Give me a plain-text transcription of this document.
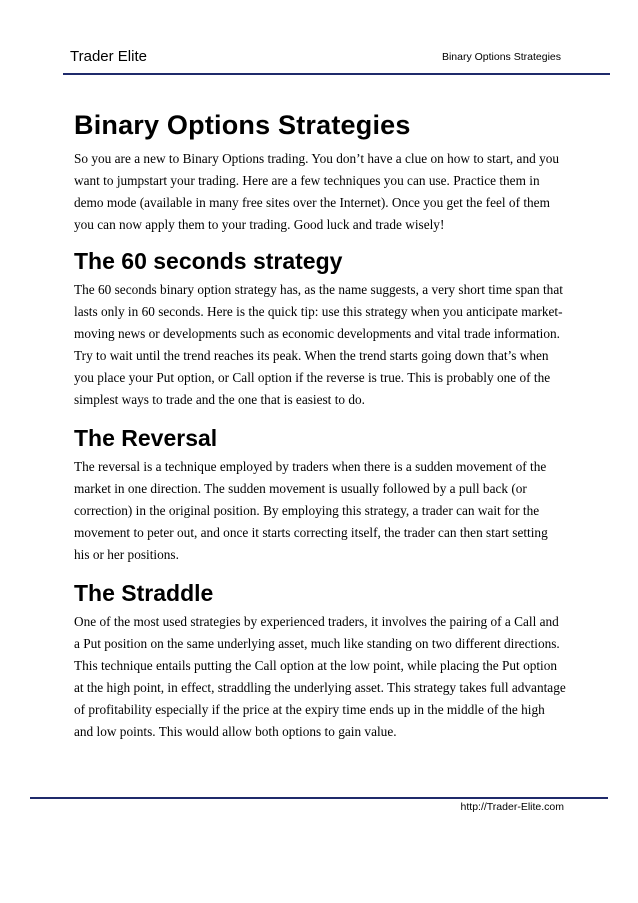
Trader Elite	Binary Options Strategies
Binary Options Strategies

So you are a new to Binary Options trading. You don’t have a clue on how to start, and you want to jumpstart your trading. Here are a few techniques you can use. Practice them in demo mode (available in many free sites over the Internet). Once you get the feel of them you can now apply them to your trading. Good luck and trade wisely!

The 60 seconds strategy

The 60 seconds binary option strategy has, as the name suggests, a very short time span that lasts only in 60 seconds. Here is the quick tip: use this strategy when you anticipate market-moving news or developments such as economic developments and vital trade information. Try to wait until the trend reaches its peak. When the trend starts going down that’s when you place your Put option, or Call option if the reverse is true. This is probably one of the simplest ways to trade and the one that is easiest to do.

The Reversal

The reversal is a technique employed by traders when there is a sudden movement of the market in one direction. The sudden movement is usually followed by a pull back (or correction) in the original position. By employing this strategy, a trader can wait for the movement to peter out, and once it starts correcting itself, the trader can then start setting his or her positions.

The Straddle

One of the most used strategies by experienced traders, it involves the pairing of a Call and a Put position on the same underlying asset, much like standing on two different directions. This technique entails putting the Call option at the low point, while placing the Put option at the high point, in effect, straddling the underlying asset. This strategy takes full advantage of profitability especially if the price at the expiry time ends up in the middle of the high and low points. This would allow both options to gain value.

http://Trader-Elite.com
